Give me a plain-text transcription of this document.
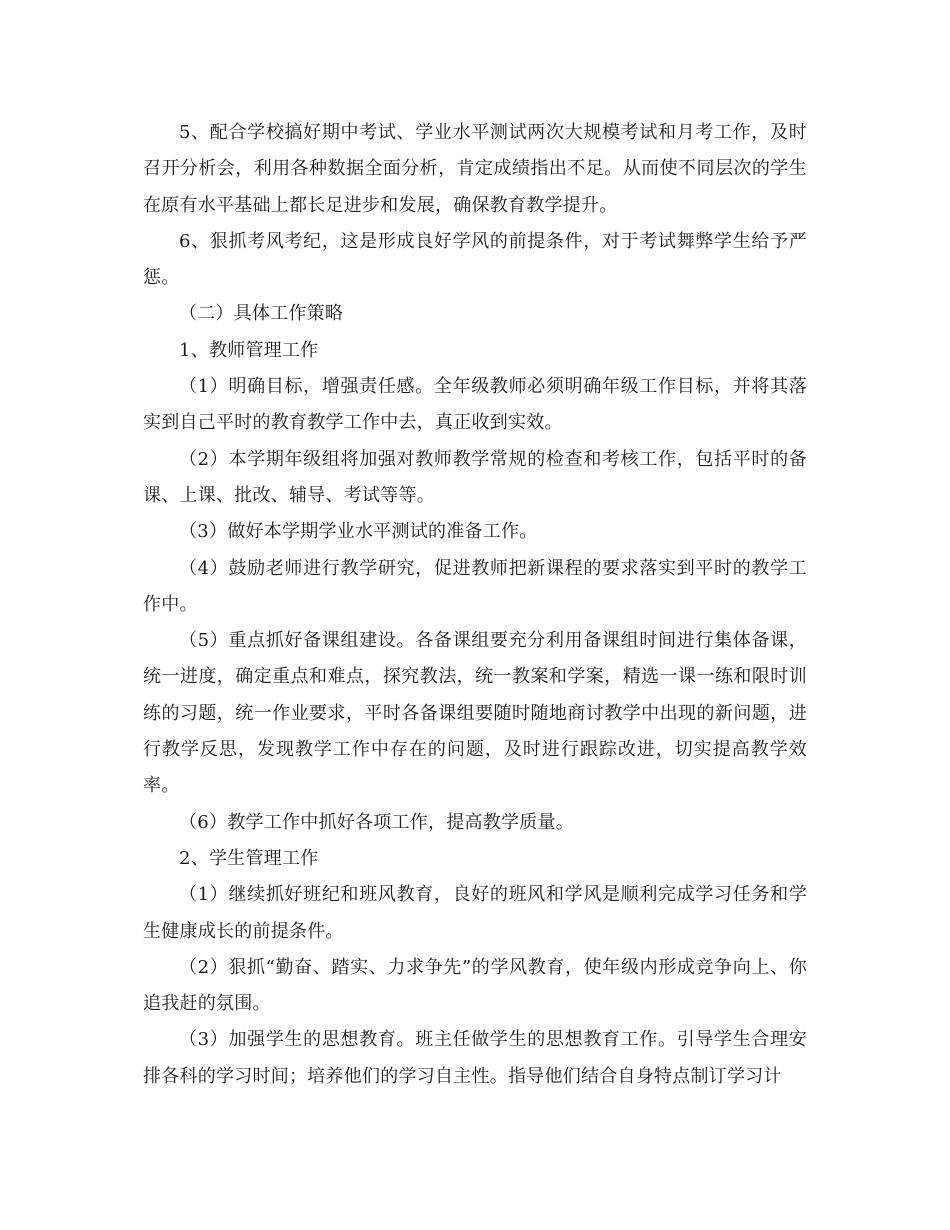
5、配合学校搞好期中考试、学业水平测试两次大规模考试和月考工作，及时召开分析会，利用各种数据全面分析，肯定成绩指出不足。从而使不同层次的学生在原有水平基础上都长足进步和发展，确保教育教学提升。

6、狠抓考风考纪，这是形成良好学风的前提条件，对于考试舞弊学生给予严惩。

（二）具体工作策略

1、教师管理工作

（1）明确目标，增强责任感。全年级教师必须明确年级工作目标，并将其落实到自己平时的教育教学工作中去，真正收到实效。

（2）本学期年级组将加强对教师教学常规的检查和考核工作，包括平时的备课、上课、批改、辅导、考试等等。

（3）做好本学期学业水平测试的准备工作。

（4）鼓励老师进行教学研究，促进教师把新课程的要求落实到平时的教学工作中。

（5）重点抓好备课组建设。各备课组要充分利用备课组时间进行集体备课，统一进度，确定重点和难点，探究教法，统一教案和学案，精选一课一练和限时训练的习题，统一作业要求，平时各备课组要随时随地商讨教学中出现的新问题，进行教学反思，发现教学工作中存在的问题，及时进行跟踪改进，切实提高教学效率。

（6）教学工作中抓好各项工作，提高教学质量。

2、学生管理工作

（1）继续抓好班纪和班风教育，良好的班风和学风是顺利完成学习任务和学生健康成长的前提条件。

（2）狠抓“勤奋、踏实、力求争先”的学风教育，使年级内形成竞争向上、你追我赶的氛围。

（3）加强学生的思想教育。班主任做学生的思想教育工作。引导学生合理安排各科的学习时间；培养他们的学习自主性。指导他们结合自身特点制订学习计
